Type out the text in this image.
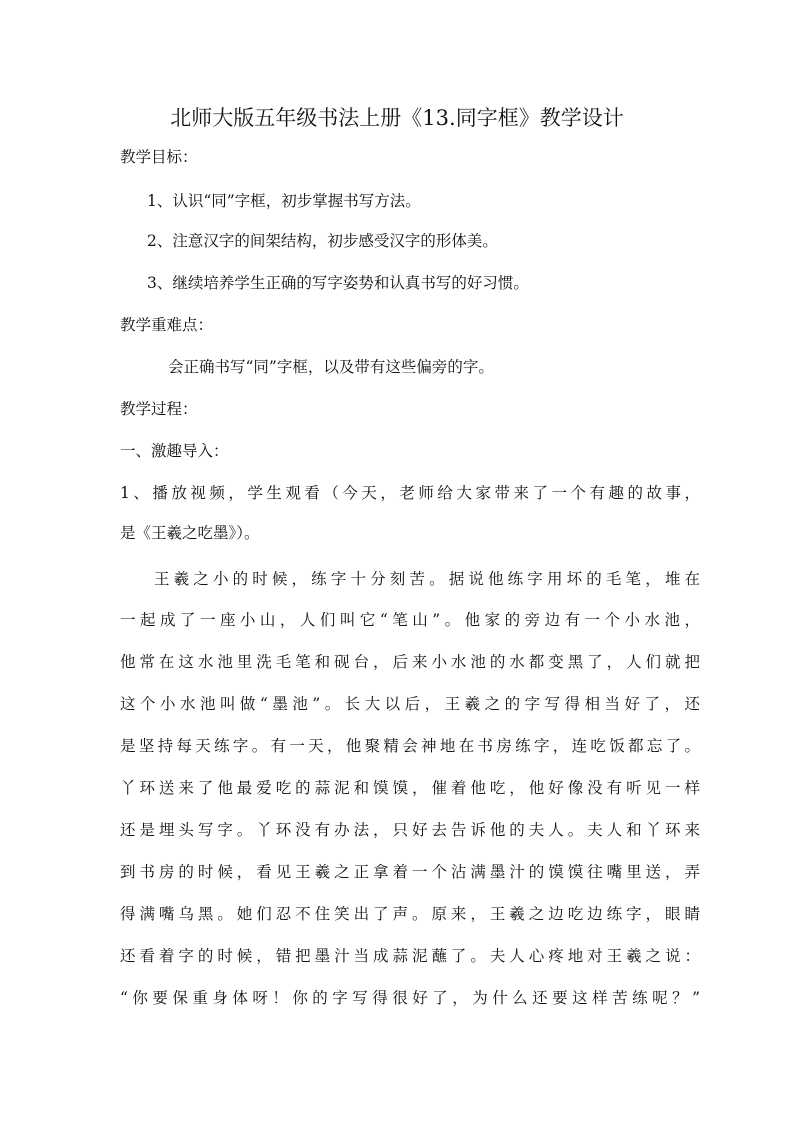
北师大版五年级书法上册《13.同字框》教学设计
教学目标：
1、认识“同”字框，初步掌握书写方法。
2、注意汉字的间架结构，初步感受汉字的形体美。
3、继续培养学生正确的写字姿势和认真书写的好习惯。
教学重难点：
会正确书写“同”字框，以及带有这些偏旁的字。
教学过程：
一、激趣导入：
1、播放视频，学生观看（今天，老师给大家带来了一个有趣的故事，
是《王羲之吃墨》）。
王羲之小的时候，练字十分刻苦。据说他练字用坏的毛笔，堆在
一起成了一座小山，人们叫它“笔山”。他家的旁边有一个小水池，
他常在这水池里洗毛笔和砚台，后来小水池的水都变黑了，人们就把
这个小水池叫做“墨池”。长大以后，王羲之的字写得相当好了，还
是坚持每天练字。有一天，他聚精会神地在书房练字，连吃饭都忘了。
丫环送来了他最爱吃的蒜泥和馍馍，催着他吃，他好像没有听见一样
还是埋头写字。丫环没有办法，只好去告诉他的夫人。夫人和丫环来
到书房的时候，看见王羲之正拿着一个沾满墨汁的馍馍往嘴里送，弄
得满嘴乌黑。她们忍不住笑出了声。原来，王羲之边吃边练字，眼睛
还看着字的时候，错把墨汁当成蒜泥蘸了。夫人心疼地对王羲之说：
“你要保重身体呀！你的字写得很好了，为什么还要这样苦练呢？”
